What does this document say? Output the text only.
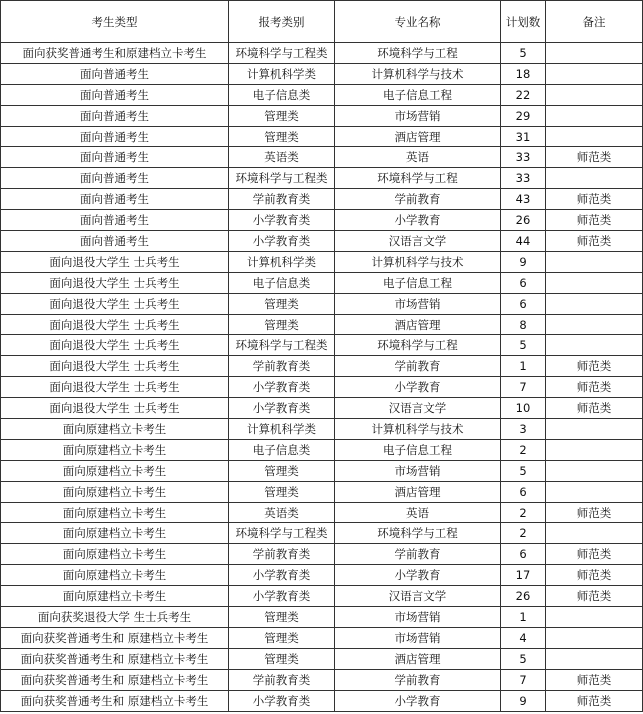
考生类型	报考类别	专业名称	计划数	备注
面向获奖普通考生和原建档立卡考生	环境科学与工程类	环境科学与工程	5	
面向普通考生	计算机科学类	计算机科学与技术	18	
面向普通考生	电子信息类	电子信息工程	22	
面向普通考生	管理类	市场营销	29	
面向普通考生	管理类	酒店管理	31	
面向普通考生	英语类	英语	33	师范类
面向普通考生	环境科学与工程类	环境科学与工程	33	
面向普通考生	学前教育类	学前教育	43	师范类
面向普通考生	小学教育类	小学教育	26	师范类
面向普通考生	小学教育类	汉语言文学	44	师范类
面向退役大学生 士兵考生	计算机科学类	计算机科学与技术	9	
面向退役大学生 士兵考生	电子信息类	电子信息工程	6	
面向退役大学生 士兵考生	管理类	市场营销	6	
面向退役大学生 士兵考生	管理类	酒店管理	8	
面向退役大学生 士兵考生	环境科学与工程类	环境科学与工程	5	
面向退役大学生 士兵考生	学前教育类	学前教育	1	师范类
面向退役大学生 士兵考生	小学教育类	小学教育	7	师范类
面向退役大学生 士兵考生	小学教育类	汉语言文学	10	师范类
面向原建档立卡考生	计算机科学类	计算机科学与技术	3	
面向原建档立卡考生	电子信息类	电子信息工程	2	
面向原建档立卡考生	管理类	市场营销	5	
面向原建档立卡考生	管理类	酒店管理	6	
面向原建档立卡考生	英语类	英语	2	师范类
面向原建档立卡考生	环境科学与工程类	环境科学与工程	2	
面向原建档立卡考生	学前教育类	学前教育	6	师范类
面向原建档立卡考生	小学教育类	小学教育	17	师范类
面向原建档立卡考生	小学教育类	汉语言文学	26	师范类
面向获奖退役大学 生士兵考生	管理类	市场营销	1	
面向获奖普通考生和 原建档立卡考生	管理类	市场营销	4	
面向获奖普通考生和 原建档立卡考生	管理类	酒店管理	5	
面向获奖普通考生和 原建档立卡考生	学前教育类	学前教育	7	师范类
面向获奖普通考生和 原建档立卡考生	小学教育类	小学教育	9	师范类
